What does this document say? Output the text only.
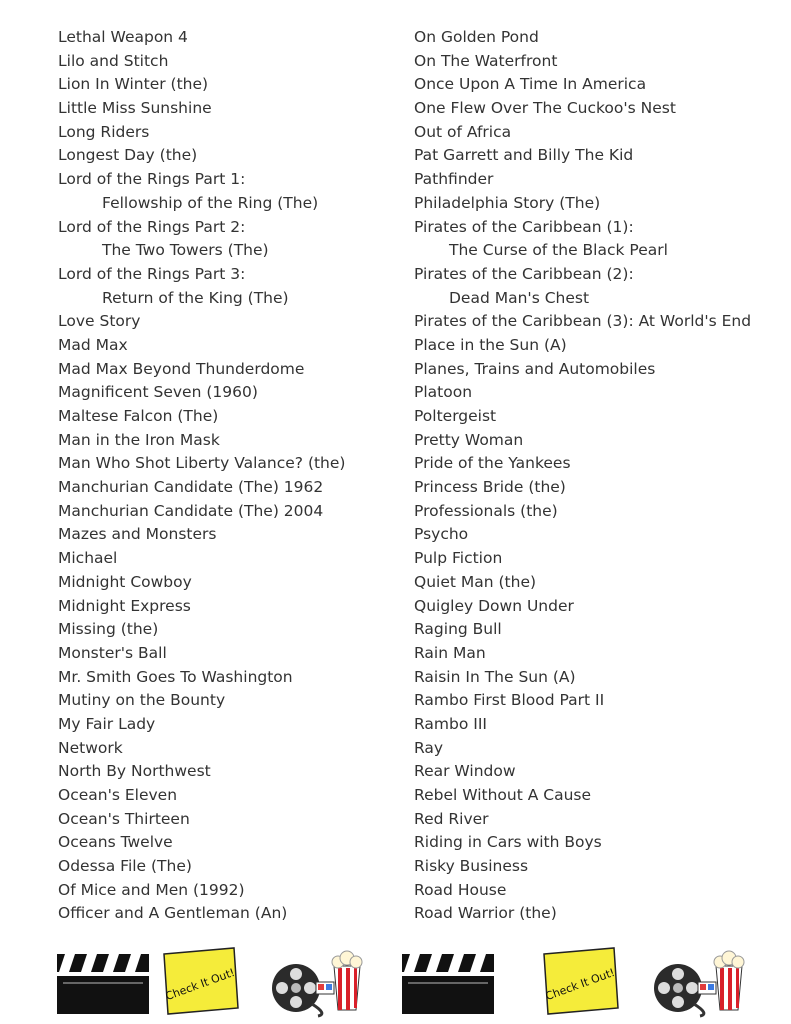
Lethal Weapon 4
Lilo and Stitch
Lion In Winter (the)
Little Miss Sunshine
Long Riders
Longest Day (the)
Lord of the Rings Part 1:
Fellowship of the Ring (The)
Lord of the Rings Part 2:
The Two Towers (The)
Lord of the Rings Part 3:
Return of the King (The)
Love Story
Mad Max
Mad Max Beyond Thunderdome
Magnificent Seven (1960)
Maltese Falcon (The)
Man in the Iron Mask
Man Who Shot Liberty Valance? (the)
Manchurian Candidate (The) 1962
Manchurian Candidate (The) 2004
Mazes and Monsters
Michael
Midnight Cowboy
Midnight Express
Missing (the)
Monster's Ball
Mr. Smith Goes To Washington
Mutiny on the Bounty
My Fair Lady
Network
North By Northwest
Ocean's Eleven
Ocean's Thirteen
Oceans Twelve
Odessa File (The)
Of Mice and Men (1992)
Officer and A Gentleman (An)
On Golden Pond
On The Waterfront
Once Upon A Time In America
One Flew Over The Cuckoo's Nest
Out of Africa
Pat Garrett and Billy The Kid
Pathfinder
Philadelphia Story (The)
Pirates of the Caribbean (1):
The Curse of the Black Pearl
Pirates of the Caribbean (2):
Dead Man's Chest
Pirates of the Caribbean (3): At World's End
Place in the Sun (A)
Planes, Trains and Automobiles
Platoon
Poltergeist
Pretty Woman
Pride of the Yankees
Princess Bride (the)
Professionals (the)
Psycho
Pulp Fiction
Quiet Man (the)
Quigley Down Under
Raging Bull
Rain Man
Raisin In The Sun (A)
Rambo First Blood Part II
Rambo III
Ray
Rear Window
Rebel Without A Cause
Red River
Riding in Cars with Boys
Risky Business
Road House
Road Warrior (the)
Check It Out!	Check It Out!
